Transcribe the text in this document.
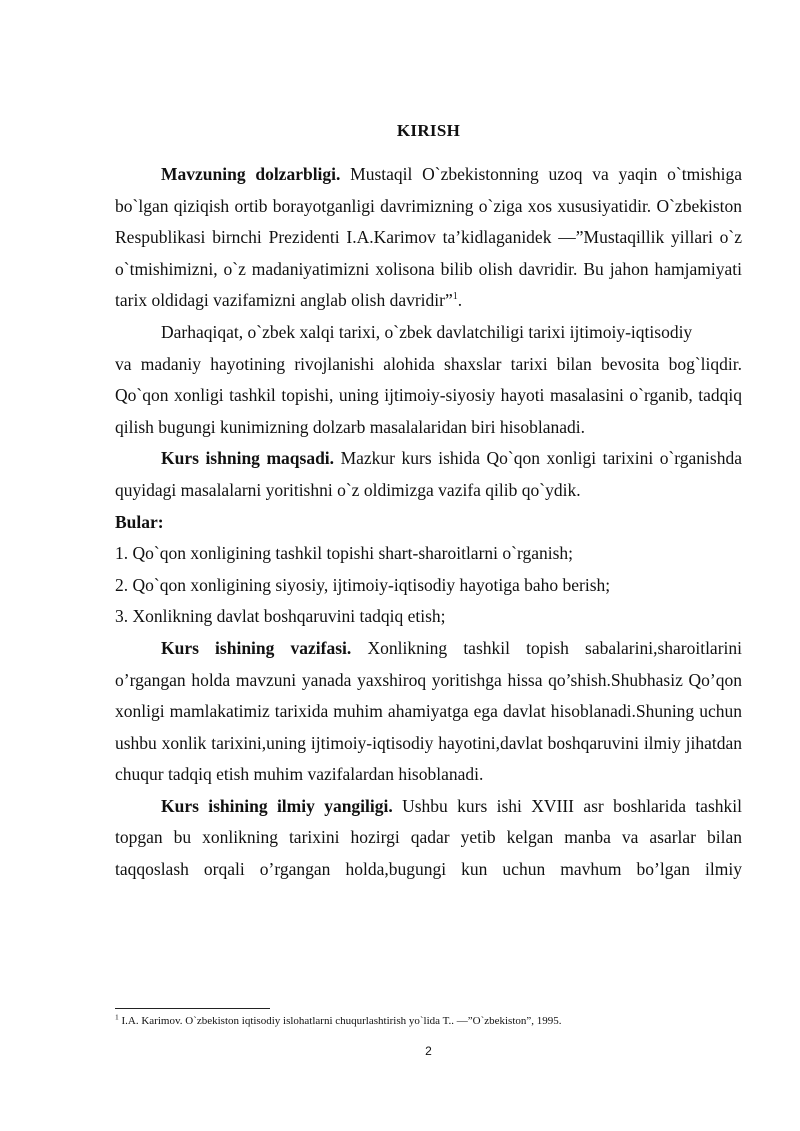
KIRISH

Mavzuning dolzarbligi. Mustaqil O`zbekistonning uzoq va yaqin o`tmishiga bo`lgan qiziqish ortib borayotganligi davrimizning o`ziga xos xususiyatidir. O`zbekiston Respublikasi birnchi Prezidenti I.A.Karimov ta’kidlaganidek ―”Mustaqillik yillari o`z o`tmishimizni, o`z madaniyatimizni xolisona bilib olish davridir. Bu jahon hamjamiyati tarix oldidagi vazifamizni anglab olish davridir”$^1$.

Darhaqiqat, o`zbek xalqi tarixi, o`zbek davlatchiligi tarixi ijtimoiy-iqtisodiy

va madaniy hayotining rivojlanishi alohida shaxslar tarixi bilan bevosita bog`liqdir. Qo`qon xonligi tashkil topishi, uning ijtimoiy-siyosiy hayoti masalasini o`rganib, tadqiq qilish bugungi kunimizning dolzarb masalalaridan biri hisoblanadi.

Kurs ishning maqsadi. Mazkur kurs ishida Qo`qon xonligi tarixini o`rganishda quyidagi masalalarni yoritishni o`z oldimizga vazifa qilib qo`ydik.

Bular:

1. Qo`qon xonligining tashkil topishi shart-sharoitlarni o`rganish;

2. Qo`qon xonligining siyosiy, ijtimoiy-iqtisodiy hayotiga baho berish;

3. Xonlikning davlat boshqaruvini tadqiq etish;

Kurs ishining vazifasi. Xonlikning tashkil topish sabalarini,sharoitlarini o’rgangan holda mavzuni yanada yaxshiroq yoritishga hissa qo’shish.Shubhasiz Qo’qon xonligi mamlakatimiz tarixida muhim ahamiyatga ega davlat hisoblanadi.Shuning uchun ushbu xonlik tarixini,uning ijtimoiy-iqtisodiy hayotini,davlat boshqaruvini ilmiy jihatdan chuqur tadqiq etish muhim vazifalardan hisoblanadi.

Kurs ishining ilmiy yangiligi. Ushbu kurs ishi XVIII asr boshlarida tashkil topgan bu xonlikning tarixini hozirgi qadar yetib kelgan manba va asarlar bilan taqqoslash orqali o’rgangan holda,bugungi kun uchun mavhum bo’lgan ilmiy

$^1$ I.A. Karimov. O`zbekiston iqtisodiy islohatlarni chuqurlashtirish yo`lida T.. ―”O`zbekiston”, 1995.
2
